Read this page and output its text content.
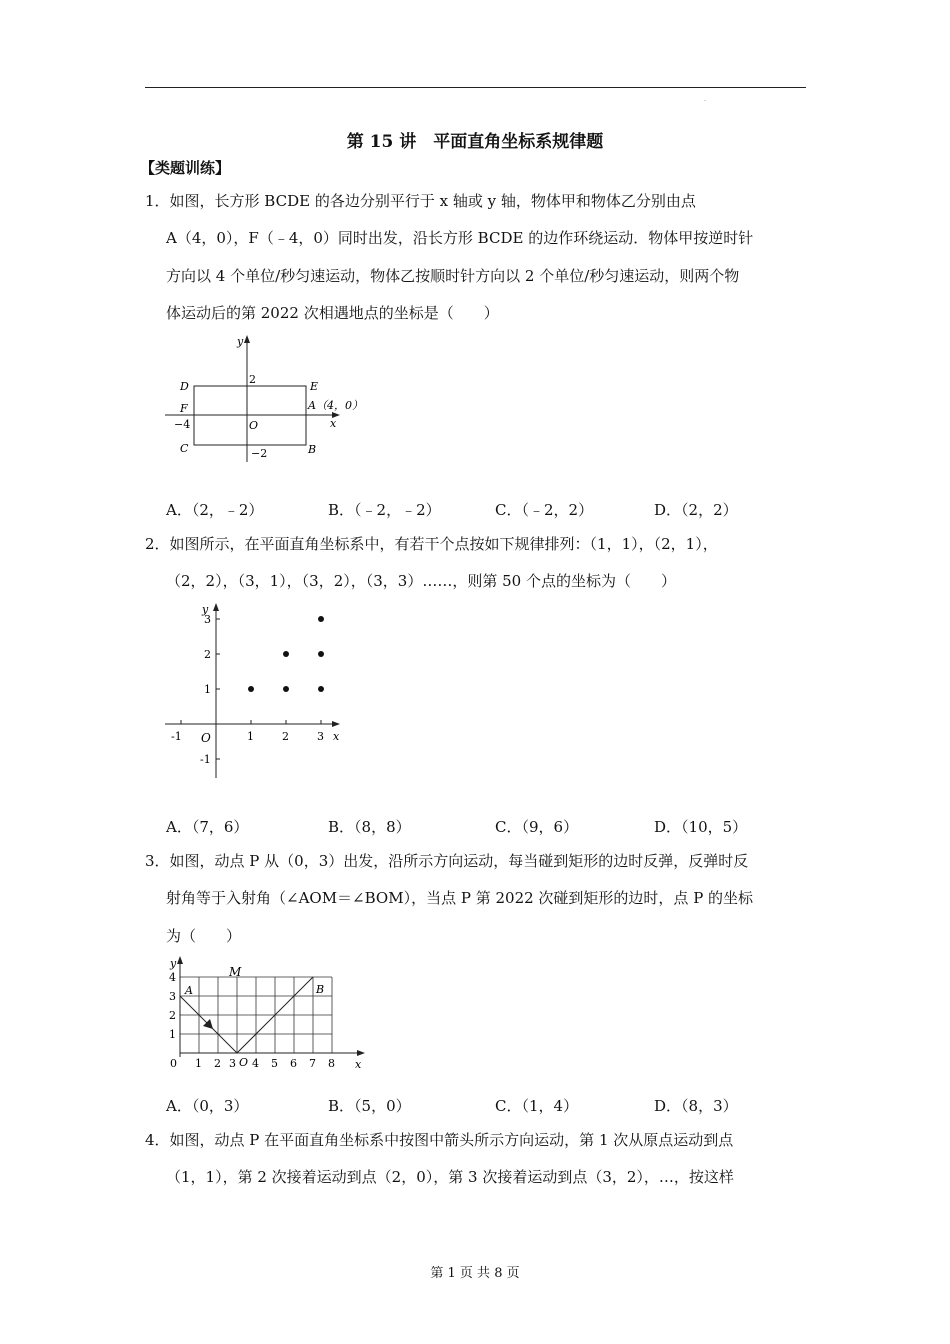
.
第 15 讲　平面直角坐标系规律题
【类题训练】
1．如图，长方形 BCDE 的各边分别平行于 x 轴或 y 轴，物体甲和物体乙分别由点
A（4，0），F（﹣4，0）同时出发，沿长方形 BCDE 的边作环绕运动．物体甲按逆时针
方向以 4 个单位/秒匀速运动，物体乙按顺时针方向以 2 个单位/秒匀速运动，则两个物
体运动后的第 2022 次相遇地点的坐标是（　　）
y
x
D	E
F	A（4，0）
C	B
O
2
−4
−2
A．（2，﹣2）	B．（﹣2，﹣2）	C．（﹣2，2）	D．（2，2）
2．如图所示，在平面直角坐标系中，有若干个点按如下规律排列：（1，1），（2，1），
（2，2），（3，1），（3，2），（3，3）……，则第 50 个点的坐标为（　　）
y
x
O
-1	1	2	3
3
2
1
-1
A．（7，6）	B．（8，8）	C．（9，6）	D．（10，5）
3．如图，动点 P 从（0，3）出发，沿所示方向运动，每当碰到矩形的边时反弹，反弹时反
射角等于入射角（∠AOM＝∠BOM），当点 P 第 2022 次碰到矩形的边时，点 P 的坐标
为（　　）
y
x
M
A	B
O
0 1 2	4 5 6 7 8
3
4
3
2
1
A．（0，3）	B．（5，0）	C．（1，4）	D．（8，3）
4．如图，动点 P 在平面直角坐标系中按图中箭头所示方向运动，第 1 次从原点运动到点
（1，1），第 2 次接着运动到点（2，0），第 3 次接着运动到点（3，2），…，按这样
第 1 页 共 8 页
